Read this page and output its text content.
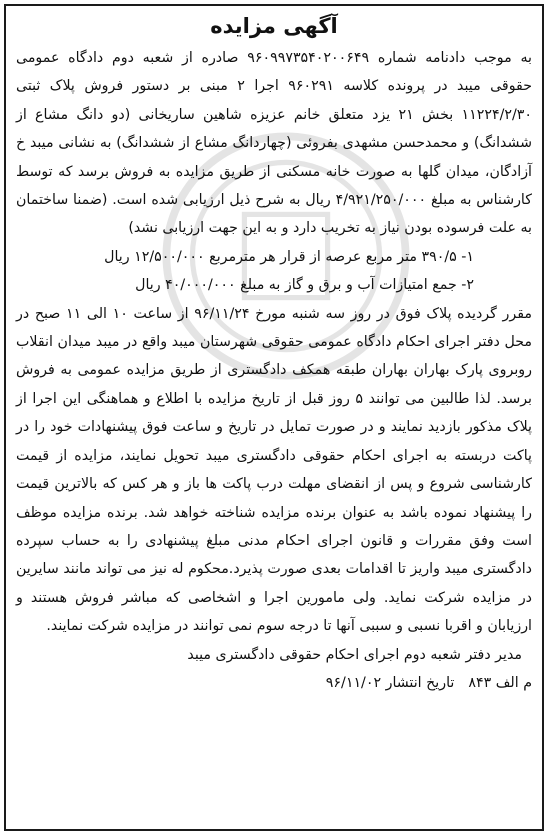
آگهی مزایده

به موجب دادنامه شماره ۹۶۰۹۹۷۳۵۴۰۲۰۰۶۴۹ صادره از شعبه دوم دادگاه عمومی حقوقی میبد در پرونده کلاسه ۹۶۰۲۹۱ اجرا ۲ مبنی بر دستور فروش پلاک ثبتی ۱۱۲۲۴/۲/۳۰ بخش ۲۱ یزد متعلق خانم عزیزه شاهین ساریخانی (دو دانگ مشاع از ششدانگ) و محمدحسن مشهدی بفروئی (چهاردانگ مشاع از ششدانگ) به نشانی میبد خ آزادگان، میدان گلها به صورت خانه مسکنی از طریق مزایده به فروش برسد که توسط کارشناس به مبلغ ۴/۹۲۱/۲۵۰/۰۰۰ ریال به شرح ذیل ارزیابی شده است. (ضمنا ساختمان به علت فرسوده بودن نیاز به تخریب دارد و به این جهت ارزیابی نشد)

۱- ۳۹۰/۵ متر مربع عرصه از قرار هر مترمربع ۱۲/۵۰۰/۰۰۰ ریال

۲- جمع امتیازات آب و برق و گاز به مبلغ ۴۰/۰۰۰/۰۰۰ ریال

مقرر گردیده پلاک فوق در روز سه شنبه مورخ ۹۶/۱۱/۲۴ از ساعت ۱۰ الی ۱۱ صبح در محل دفتر اجرای احکام دادگاه عمومی حقوقی شهرستان میبد واقع در میبد میدان انقلاب روبروی پارک بهاران بهاران طبقه همکف دادگستری از طریق مزایده عمومی به فروش برسد. لذا طالبین می توانند ۵ روز قبل از تاریخ مزایده با اطلاع و هماهنگی این اجرا از پلاک مذکور بازدید نمایند و در صورت تمایل در تاریخ و ساعت فوق پیشنهادات خود را در پاکت دربسته به اجرای احکام حقوقی دادگستری میبد تحویل نمایند، مزایده از قیمت کارشناسی شروع و پس از انقضای مهلت درب پاکت ها باز و هر کس که بالاترین قیمت را پیشنهاد نموده باشد به عنوان برنده مزایده شناخته خواهد شد. برنده مزایده موظف است وفق مقررات و قانون اجرای احکام مدنی مبلغ پیشنهادی را به حساب سپرده دادگستری میبد واریز تا اقدامات بعدی صورت پذیرد.محکوم له نیز می تواند مانند سایرین در مزایده شرکت نماید. ولی مامورین اجرا و اشخاصی که مباشر فروش هستند و ارزیابان و اقربا نسبی و سببی آنها تا درجه سوم نمی توانند در مزایده شرکت نمایند.

مدیر دفتر شعبه دوم اجرای احکام حقوقی دادگستری میبد

م الف ۸۴۳تاریخ انتشار ۹۶/۱۱/۰۲
